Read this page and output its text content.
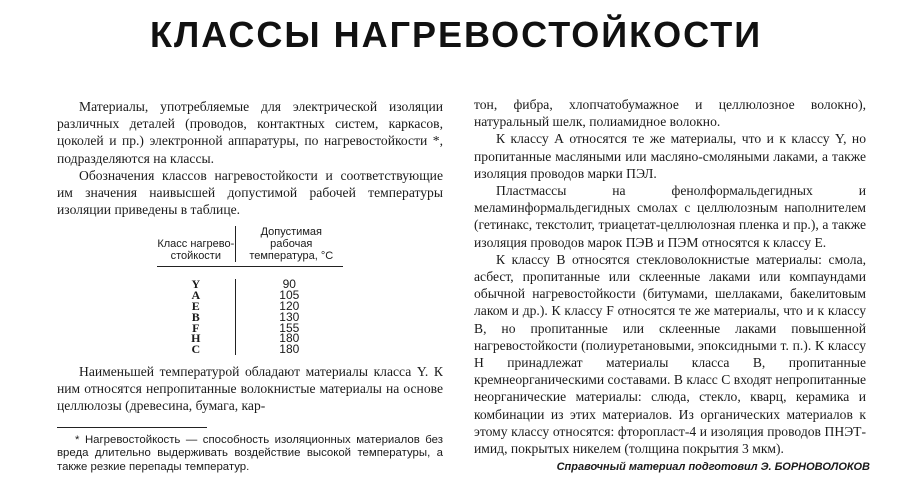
КЛАССЫ НАГРЕВОСТОЙКОСТИ

Материалы, употребляемые для электрической изоляции различных деталей (проводов, контактных систем, каркасов, цоколей и пр.) электронной аппаратуры, по нагревостойкости *, подразделяются на классы.

Обозначения классов нагревостойкости и соответствующие им значения наивысшей допустимой рабочей температуры изоляции приведены в таблице.

Класс нагрево-стойкости
Допустимая рабочая температура, °С
Y
A
E
B
F
H
C
90
105
120
130
155
180
180

Наименьшей температурой обладают материалы класса Y. К ним относятся непропитанные волокнистые материалы на основе целлюлозы (древесина, бумага, кар-

* Нагревостойкость — способность изоляционных материалов без вреда длительно выдерживать воздействие высокой температуры, а также резкие перепады температур.

тон, фибра, хлопчатобумажное и целлюлозное волокно), натуральный шелк, полиамидное волокно.

К классу А относятся те же материалы, что и к классу Y, но пропитанные масляными или масляно-смоляными лаками, а также изоляция проводов марки ПЭЛ.

Пластмассы на фенолформальдегидных и меламинформальдегидных смолах с целлюлозным наполнителем (гетинакс, текстолит, триацетат-целлюлозная пленка и пр.), а также изоляция проводов марок ПЭВ и ПЭМ относятся к классу Е.

К классу В относятся стекловолокнистые материалы: смола, асбест, пропитанные или склеенные лаками или компаундами обычной нагревостойкости (битумами, шеллаками, бакелитовым лаком и др.). К классу F относятся те же материалы, что и к классу В, но пропитанные или склеенные лаками повышенной нагревостойкости (полиуретановыми, эпоксидными т. п.). К классу Н принадлежат материалы класса В, пропитанные кремнеорганическими составами. В класс С входят непропитанные неорганические материалы: слюда, стекло, кварц, керамика и комбинации из этих материалов. Из органических материалов к этому классу относятся: фторопласт-4 и изоляция проводов ПНЭТ-имид, покрытых никелем (толщина покрытия 3 мкм).

Справочный материал подготовил Э. БОРНОВОЛОКОВ
